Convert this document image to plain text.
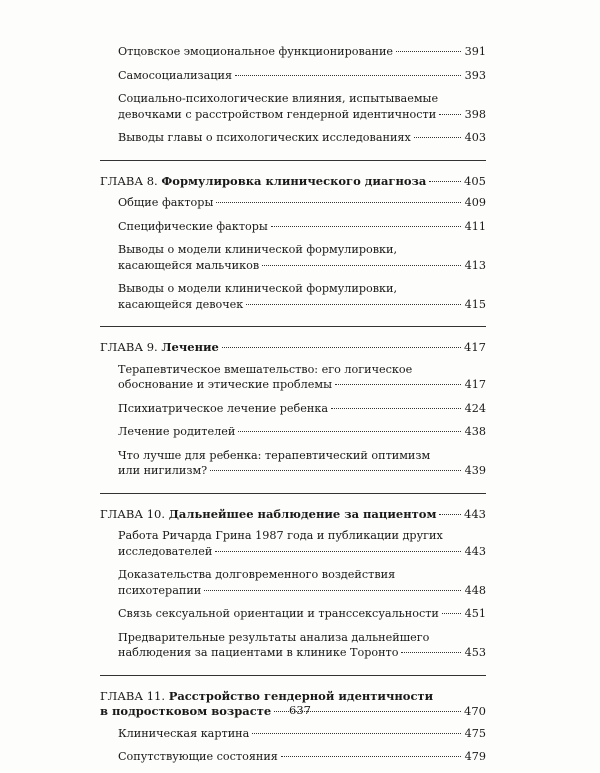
Отцовское эмоциональное функционирование	391
Самосоциализация	393
Социально-психологические влияния, испытываемые
девочками с расстройством гендерной идентичности	398
Выводы главы о психологических исследованиях	403
ГЛАВА 8. Формулировка клинического диагноза	405
Общие факторы	409
Специфические факторы	411
Выводы о модели клинической формулировки,
касающейся мальчиков	413
Выводы о модели клинической формулировки,
касающейся девочек	415
ГЛАВА 9. Лечение	417
Терапевтическое вмешательство: его логическое
обоснование и этические проблемы	417
Психиатрическое лечение ребенка	424
Лечение родителей	438
Что лучше для ребенка: терапевтический оптимизм
или нигилизм?	439
ГЛАВА 10. Дальнейшее наблюдение за пациентом 443
Работа Ричарда Грина 1987 года и публикации других
исследователей	443
Доказательства долговременного воздействия
психотерапии	448
Связь сексуальной ориентации и транссексуальности 451
Предварительные результаты анализа дальнейшего
наблюдения за пациентами в клинике Торонто	453
ГЛАВА 11. Расстройство гендерной идентичности
в подростковом возрасте	470
Клиническая картина	475
Сопутствующие состояния	479
637
